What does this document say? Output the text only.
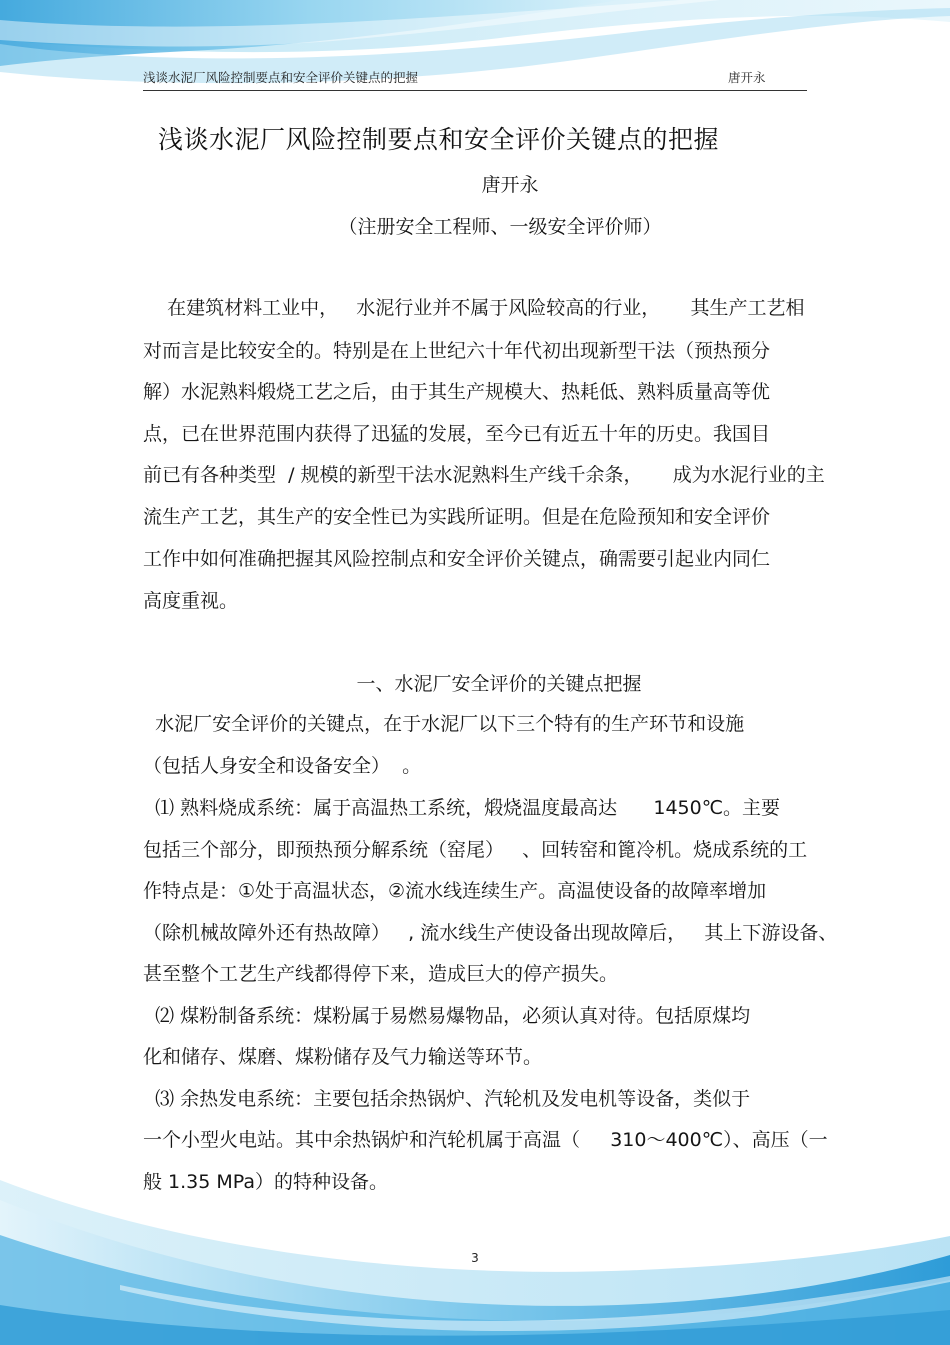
浅谈水泥厂风险控制要点和安全评价关键点的把握	唐开永
浅谈水泥厂风险控制要点和安全评价关键点的把握
唐开永
（注册安全工程师、一级安全评价师）
在建筑材料工业中，   水泥行业并不属于风险较高的行业，     其生产工艺相
对而言是比较安全的。特别是在上世纪六十年代初出现新型干法（预热预分
解）水泥熟料煅烧工艺之后，由于其生产规模大、热耗低、熟料质量高等优
点，已在世界范围内获得了迅猛的发展，至今已有近五十年的历史。我国目
前已有各种类型  / 规模的新型干法水泥熟料生产线千余条，     成为水泥行业的主
流生产工艺，其生产的安全性已为实践所证明。但是在危险预知和安全评价
工作中如何准确把握其风险控制点和安全评价关键点，确需要引起业内同仁
高度重视。
一、水泥厂安全评价的关键点把握
水泥厂安全评价的关键点，在于水泥厂以下三个特有的生产环节和设施
（包括人身安全和设备安全）  。
⑴ 熟料烧成系统：属于高温热工系统，煅烧温度最高达      1450℃。主要
包括三个部分，即预热预分解系统（窑尾）   、回转窑和篦冷机。烧成系统的工
作特点是：①处于高温状态，②流水线连续生产。高温使设备的故障率增加
（除机械故障外还有热故障）   , 流水线生产使设备出现故障后，   其上下游设备、
甚至整个工艺生产线都得停下来，造成巨大的停产损失。
⑵ 煤粉制备系统：煤粉属于易燃易爆物品，必须认真对待。包括原煤均
化和储存、煤磨、煤粉储存及气力输送等环节。
⑶ 余热发电系统：主要包括余热锅炉、汽轮机及发电机等设备，类似于
一个小型火电站。其中余热锅炉和汽轮机属于高温（     310～400℃）、高压（一
般 1.35 MPa）的特种设备。
3
